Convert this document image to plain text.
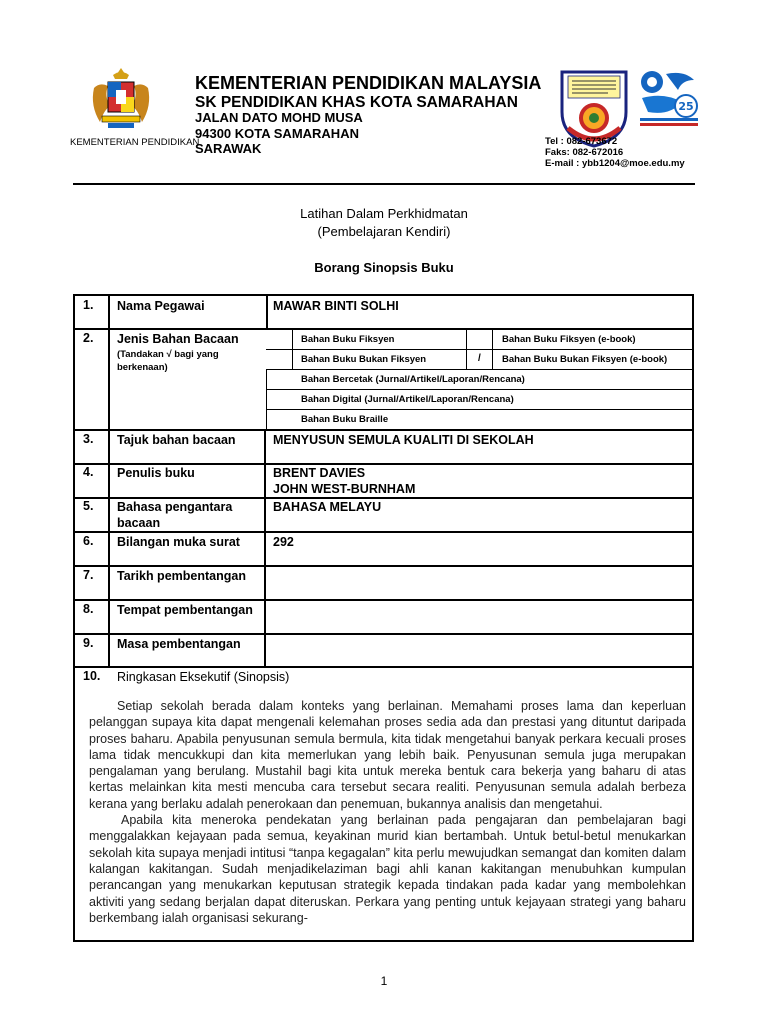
KEMENTERIAN PENDIDIKAN
KEMENTERIAN PENDIDIKAN MALAYSIA
SK PENDIDIKAN KHAS KOTA SAMARAHAN
JALAN DATO MOHD MUSA
94300 KOTA SAMARAHAN
SARAWAK
25
Tel : 082-673672
Faks: 082-672016
E-mail : ybb1204@moe.edu.my
Latihan Dalam Perkhidmatan
(Pembelajaran Kendiri)
Borang Sinopsis Buku
1. Nama Pegawai	MAWAR BINTI SOLHI
2. Jenis Bahan Bacaan
(Tandakan √ bagi yang berkenaan)
Bahan Buku Fiksyen	Bahan Buku Fiksyen (e-book)
Bahan Buku Bukan Fiksyen	/ Bahan Buku Bukan Fiksyen (e-book)
Bahan Bercetak (Jurnal/Artikel/Laporan/Rencana)
Bahan Digital (Jurnal/Artikel/Laporan/Rencana)
Bahan Buku Braille
3. Tajuk bahan bacaan	MENYUSUN SEMULA KUALITI DI SEKOLAH
4. Penulis buku	BRENT DAVIES
JOHN WEST-BURNHAM
5. Bahasa pengantara
bacaan
BAHASA MELAYU
6. Bilangan muka surat	292
7. Tarikh pembentangan
8. Tempat pembentangan
9. Masa pembentangan
10. Ringkasan Eksekutif (Sinopsis)

Setiap sekolah berada dalam konteks yang berlainan. Memahami proses lama dan keperluan pelanggan supaya kita dapat mengenali kelemahan proses sedia ada dan prestasi yang dituntut daripada proses baharu. Apabila penyusunan semula bermula, kita tidak mengetahui banyak perkara kecuali proses lama tidak mencukkupi dan kita memerlukan yang lebih baik. Penyusunan semula juga merupakan pengalaman yang berulang. Mustahil bagi kita untuk mereka bentuk cara bekerja yang baharu di atas kertas melainkan kita mesti mencuba cara tersebut secara realiti. Penyusunan semula adalah berbeza kerana yang berlaku adalah penerokaan dan penemuan, bukannya analisis dan mengetahui.

Apabila kita meneroka pendekatan yang berlainan pada pengajaran dan pembelajaran bagi menggalakkan kejayaan pada semua, keyakinan murid kian bertambah. Untuk betul-betul menukarkan sekolah kita supaya menjadi intitusi “tanpa kegagalan” kita perlu mewujudkan semangat dan komiten dalam kalangan kakitangan. Sudah menjadikelaziman bagi ahli kanan kakitangan menubuhkan kumpulan perancangan yang menukarkan keputusan strategik kepada tindakan pada kadar yang membolehkan aktiviti yang sedang berjalan dapat diteruskan. Perkara yang penting untuk kejayaan strategi yang baharu berkembang ialah organisasi sekurang-

1
